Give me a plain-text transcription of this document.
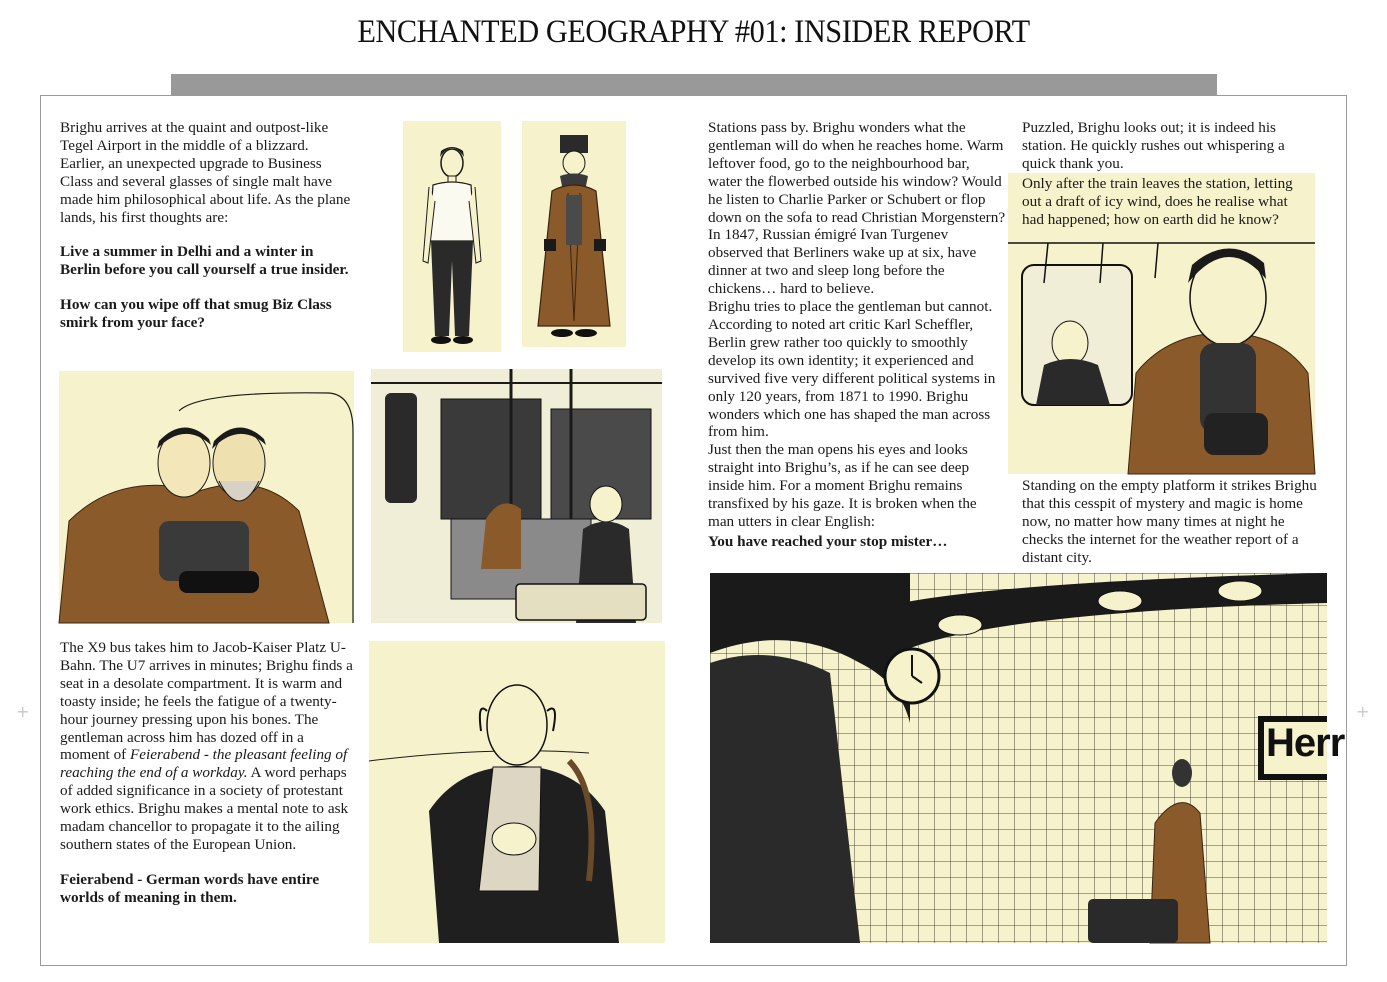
ENCHANTED GEOGRAPHY #01: INSIDER REPORT
+	+

Brighu arrives at the quaint and outpost-like Tegel Airport in the middle of a blizzard. Earlier, an unexpected upgrade to Business Class and several glasses of single malt have made him philosophical about life. As the plane lands, his first thoughts are:

Live a summer in Delhi and a winter in Berlin before you call yourself a true insider.

How can you wipe off that smug Biz Class smirk from your face?

The X9 bus takes him to Jacob-Kaiser Platz U-Bahn. The U7 arrives in minutes; Brighu finds a seat in a desolate compartment. It is warm and toasty inside; he feels the fatigue of a twenty-hour journey pressing upon his bones. The gentleman across him has dozed off in a moment of Feierabend - the pleasant feeling of reaching the end of a workday. A word perhaps of added significance in a society of protestant work ethics. Brighu makes a mental note to ask madam chancellor to propagate it to the ailing southern states of the European Union.

Feierabend - German words have entire worlds of meaning in them.

Stations pass by. Brighu wonders what the gentleman will do when he reaches home. Warm leftover food, go to the neighbourhood bar, water the flowerbed outside his window? Would he listen to Charlie Parker or Schubert or flop down on the sofa to read Christian Morgenstern? In 1847, Russian émigré Ivan Turgenev observed that Berliners wake up at six, have dinner at two and sleep long before the chickens… hard to believe.

Brighu tries to place the gentleman but cannot. According to noted art critic Karl Scheffler, Berlin grew rather too quickly to smoothly develop its own identity; it experienced and survived five very different political systems in only 120 years, from 1871 to 1990. Brighu wonders which one has shaped the man across from him.

Just then the man opens his eyes and looks straight into Brighu’s, as if he can see deep inside him. For a moment Brighu remains transfixed by his gaze. It is broken when the man utters in clear English:

You have reached your stop mister…

Puzzled, Brighu looks out; it is indeed his station. He quickly rushes out whispering a quick thank you.

Standing on the empty platform it strikes Brighu that this cesspit of mystery and magic is home now, no matter how many times at night he checks the internet for the weather report of a distant city.

Only after the train leaves the station, letting out a draft of icy wind, does he realise what had happened; how on earth did he know?

Herr
